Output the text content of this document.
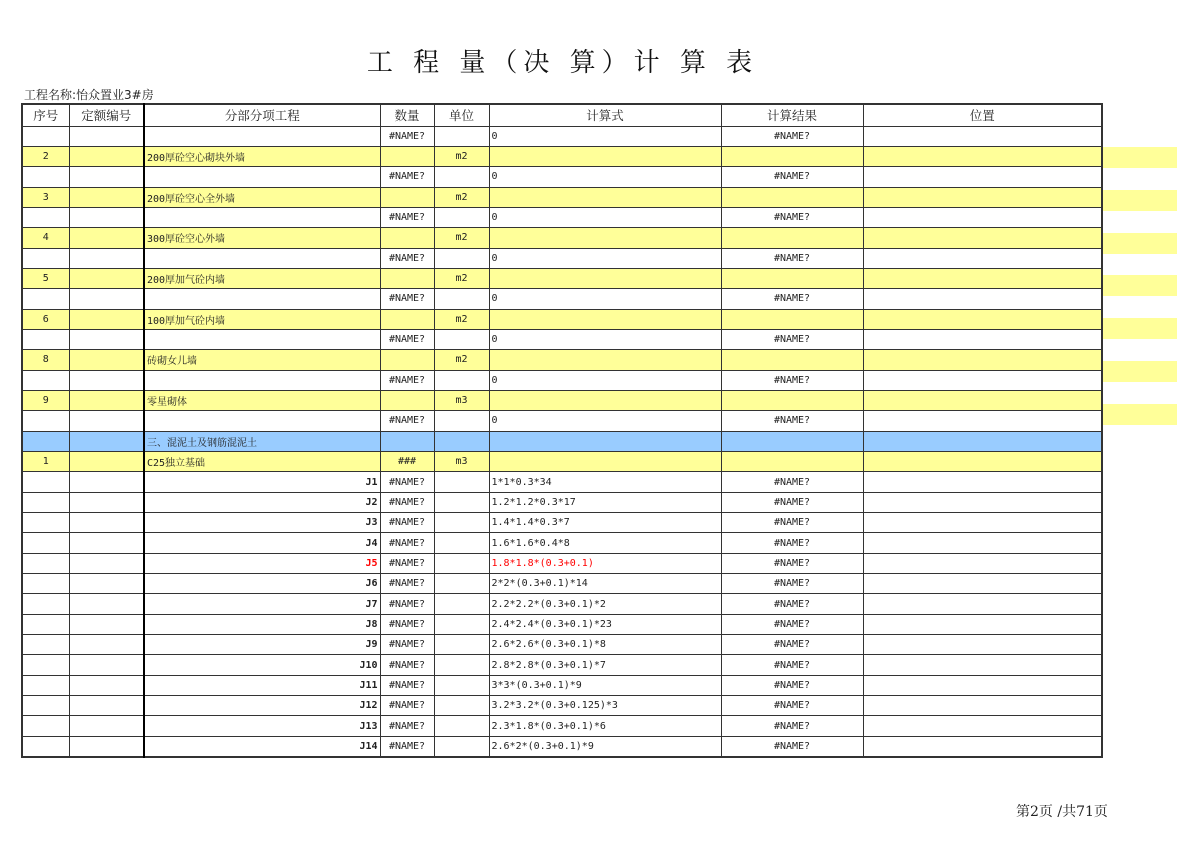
工 程 量（决 算）计 算 表
工程名称:怡众置业3#房
序号	定额编号	分部分项工程	数量	单位	计算式	计算结果	位置
			#NAME?		0	#NAME?	
2		200厚砼空心砌块外墙		m2			
			#NAME?		0	#NAME?	
3		200厚砼空心全外墙		m2			
			#NAME?		0	#NAME?	
4		300厚砼空心外墙		m2			
			#NAME?		0	#NAME?	
5		200厚加气砼内墙		m2			
			#NAME?		0	#NAME?	
6		100厚加气砼内墙		m2			
			#NAME?		0	#NAME?	
8		砖砌女儿墙		m2			
			#NAME?		0	#NAME?	
9		零星砌体		m3			
			#NAME?		0	#NAME?	
		三、混泥土及钢筋混泥土					
1		C25独立基础	###	m3			
		J1	#NAME?		1*1*0.3*34	#NAME?	
		J2	#NAME?		1.2*1.2*0.3*17	#NAME?	
		J3	#NAME?		1.4*1.4*0.3*7	#NAME?	
		J4	#NAME?		1.6*1.6*0.4*8	#NAME?	
		J5	#NAME?		1.8*1.8*(0.3+0.1)	#NAME?	
		J6	#NAME?		2*2*(0.3+0.1)*14	#NAME?	
		J7	#NAME?		2.2*2.2*(0.3+0.1)*2	#NAME?	
		J8	#NAME?		2.4*2.4*(0.3+0.1)*23	#NAME?	
		J9	#NAME?		2.6*2.6*(0.3+0.1)*8	#NAME?	
		J10	#NAME?		2.8*2.8*(0.3+0.1)*7	#NAME?	
		J11	#NAME?		3*3*(0.3+0.1)*9	#NAME?	
		J12	#NAME?		3.2*3.2*(0.3+0.125)*3	#NAME?	
		J13	#NAME?		2.3*1.8*(0.3+0.1)*6	#NAME?	
		J14	#NAME?		2.6*2*(0.3+0.1)*9	#NAME?	
第2页 /共71页
